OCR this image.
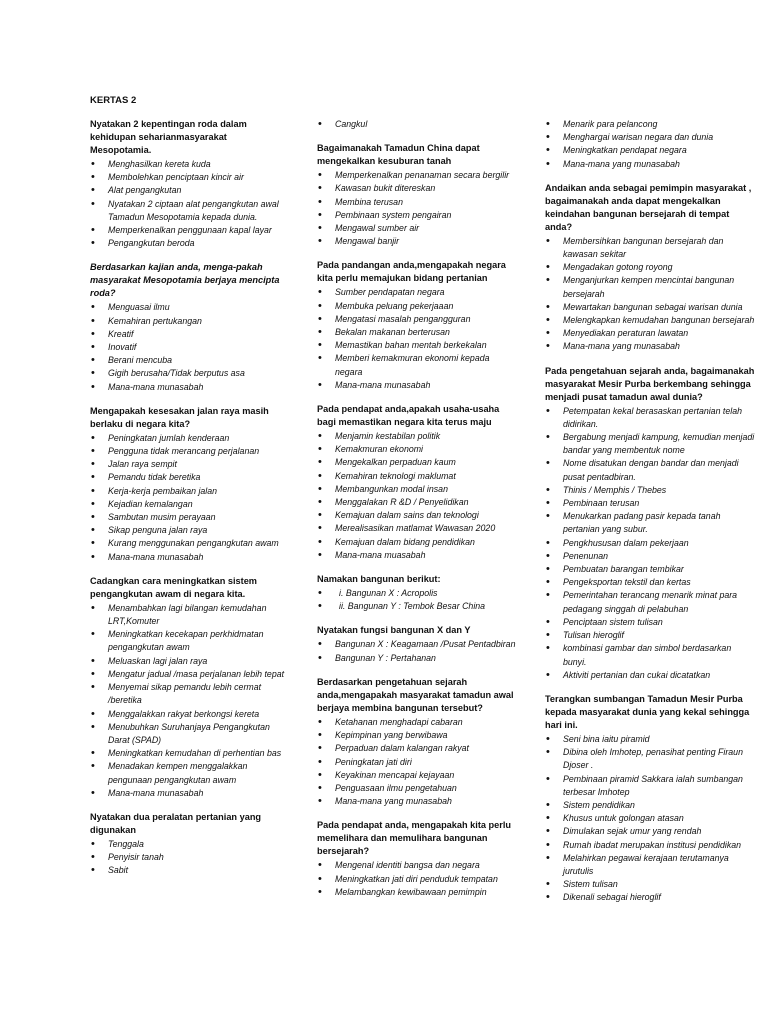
KERTAS 2
Nyatakan 2 kepentingan roda dalam kehidupan seharianmasyarakat Mesopotamia.
• Menghasilkan kereta kuda
• Membolehkan penciptaan kincir air
• Alat pengangkutan
• Nyatakan 2 ciptaan alat pengangkutan awal Tamadun Mesopotamia kepada dunia.
• Memperkenalkan penggunaan kapal layar
• Pengangkutan beroda
Berdasarkan kajian anda, menga-pakah masyarakat Mesopotamia berjaya mencipta roda?
• Menguasai ilmu
• Kemahiran pertukangan
• Kreatif
• Inovatif
• Berani mencuba
• Gigih berusaha/Tidak berputus asa
• Mana-mana munasabah
Mengapakah kesesakan jalan raya masih berlaku di negara kita?
• Peningkatan jumlah kenderaan
• Pengguna tidak merancang perjalanan
• Jalan raya sempit
• Pemandu tidak beretika
• Kerja-kerja pembaikan jalan
• Kejadian kemalangan
• Sambutan musim perayaan
• Sikap penguna jalan raya
• Kurang menggunakan pengangkutan awam
• Mana-mana munasabah
Cadangkan cara meningkatkan sistem pengangkutan awam di negara kita.
• Menambahkan lagi bilangan kemudahan LRT,Komuter
• Meningkatkan kecekapan perkhidmatan pengangkutan awam
• Meluaskan lagi jalan raya
• Mengatur jadual /masa perjalanan lebih tepat
• Menyemai sikap pemandu lebih cermat /beretika
• Menggalakkan rakyat berkongsi kereta
• Menubuhkan Suruhanjaya Pengangkutan Darat (SPAD)
• Meningkatkan kemudahan di perhentian bas
• Menadakan kempen menggalakkan pengunaan pengangkutan awam
• Mana-mana munasabah
Nyatakan dua peralatan pertanian yang digunakan
• Tenggala
• Penyisir tanah
• Sabit
• Cangkul
Bagaimanakah Tamadun China dapat mengekalkan kesuburan tanah
• Memperkenalkan penanaman secara bergilir
• Kawasan bukit ditereskan
• Membina terusan
• Pembinaan system pengairan
• Mengawal sumber air
• Mengawal banjir
Pada pandangan anda,mengapakah negara kita perlu memajukan bidang pertanian
• Sumber pendapatan negara
• Membuka peluang pekerjaaan
• Mengatasi masalah pengangguran
• Bekalan makanan berterusan
• Memastikan bahan mentah berkekalan
• Memberi kemakmuran ekonomi kepada negara
• Mana-mana munasabah
Pada pendapat anda,apakah usaha-usaha bagi memastikan negara kita terus maju
• Menjamin kestabilan politik
• Kemakmuran ekonomi
• Mengekalkan perpaduan kaum
• Kemahiran teknologi maklumat
• Membangunkan modal insan
• Menggalakan R &D / Penyelidikan
• Kemajuan dalam sains dan teknologi
• Merealisasikan matlamat Wawasan 2020
• Kemajuan dalam bidang pendidikan
• Mana-mana muasabah
Namakan bangunan berikut:
• i. Bangunan X : Acropolis
• ii. Bangunan Y : Tembok Besar China
Nyatakan fungsi bangunan X dan Y
• Bangunan X : Keagamaan /Pusat Pentadbiran
• Bangunan Y : Pertahanan
Berdasarkan pengetahuan sejarah anda,mengapakah masyarakat tamadun awal berjaya membina bangunan tersebut?
• Ketahanan menghadapi cabaran
• Kepimpinan yang berwibawa
• Perpaduan dalam kalangan rakyat
• Peningkatan jati diri
• Keyakinan mencapai kejayaan
• Penguasaan ilmu pengetahuan
• Mana-mana yang munasabah
Pada pendapat anda, mengapakah kita perlu memelihara dan memulihara bangunan bersejarah?
• Mengenal identiti bangsa dan negara
• Meningkatkan jati diri penduduk tempatan
• Melambangkan kewibawaan pemimpin
• Menarik para pelancong
• Menghargai warisan negara dan dunia
• Meningkatkan pendapat negara
• Mana-mana yang munasabah
Andaikan anda sebagai pemimpin masyarakat , bagaimanakah anda dapat mengekalkan keindahan bangunan bersejarah di tempat anda?
• Membersihkan bangunan bersejarah dan kawasan sekitar
• Mengadakan gotong royong
• Menganjurkan kempen mencintai bangunan bersejarah
• Mewartakan bangunan sebagai warisan dunia
• Melengkapkan kemudahan bangunan bersejarah
• Menyediakan peraturan lawatan
• Mana-mana yang munasabah
Pada pengetahuan sejarah anda, bagaimanakah masyarakat Mesir Purba berkembang sehingga menjadi pusat tamadun awal dunia?
• Petempatan kekal berasaskan pertanian telah didirikan.
• Bergabung menjadi kampung, kemudian menjadi bandar yang membentuk nome
• Nome disatukan dengan bandar dan menjadi pusat pentadbiran.
• Thinis / Memphis / Thebes
• Pembinaan terusan
• Menukarkan padang pasir kepada tanah pertanian yang subur.
• Pengkhususan dalam pekerjaan
• Penenunan
• Pembuatan barangan tembikar
• Pengeksportan tekstil dan kertas
• Pemerintahan terancang menarik minat para pedagang singgah di pelabuhan
• Penciptaan sistem tulisan
• Tulisan hieroglif
• kombinasi gambar dan simbol berdasarkan bunyi.
• Aktiviti pertanian dan cukai dicatatkan
Terangkan sumbangan Tamadun Mesir Purba kepada masyarakat dunia yang kekal sehingga hari ini.
• Seni bina iaitu piramid
• Dibina oleh Imhotep, penasihat penting Firaun Djoser .
• Pembinaan piramid Sakkara ialah sumbangan terbesar Imhotep
• Sistem pendidikan
• Khusus untuk golongan atasan
• Dimulakan sejak umur yang rendah
• Rumah ibadat merupakan institusi pendidikan
• Melahirkan pegawai kerajaan terutamanya jurutulis
• Sistem tulisan
• Dikenali sebagai hieroglif
